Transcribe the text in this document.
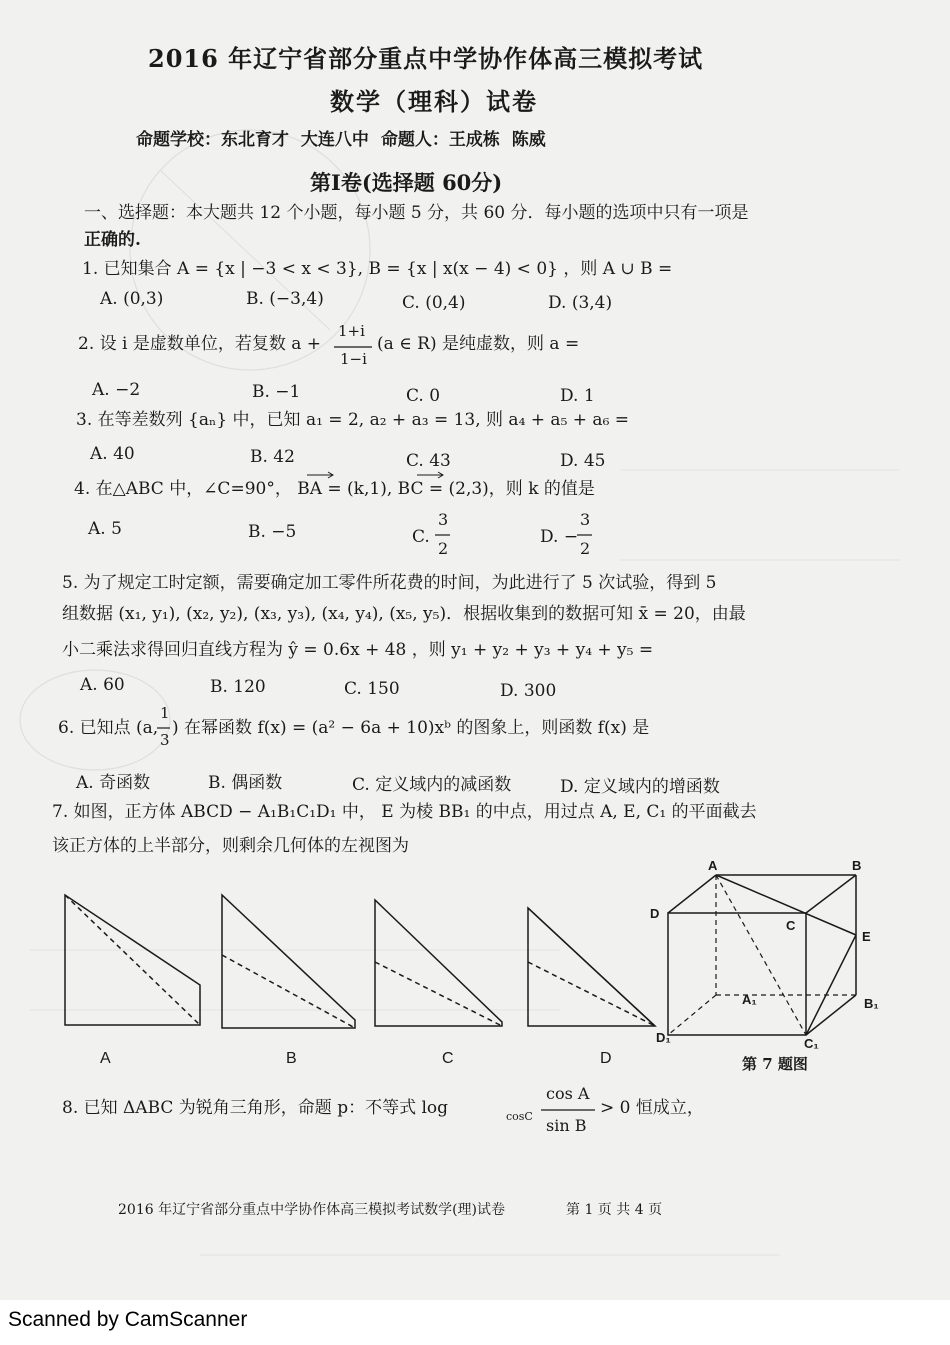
2016 年辽宁省部分重点中学协作体高三模拟考试
数学（理科）试卷
命题学校：东北育才 大连八中 命题人：王成栋 陈威
第Ⅰ卷(选择题 60分)
一、选择题：本大题共 12 个小题，每小题 5 分，共 60 分．每小题的选项中只有一项是
正确的.
1. 已知集合 A = {x | −3 < x < 3}, B = {x | x(x − 4) < 0} ，则 A ∪ B =
A. (0,3)	B. (−3,4)	C. (0,4)	D. (3,4)
2. 设 i 是虚数单位，若复数 a +
1+i
1−i
(a ∈ R) 是纯虚数，则 a =
A. −2	B. −1	C. 0	D. 1
3. 在等差数列 {aₙ} 中，已知 a₁ = 2, a₂ + a₃ = 13, 则 a₄ + a₅ + a₆ =
A. 40	B. 42	C. 43	D. 45
4. 在△ABC 中，∠C=90°， BA = (k,1), BC = (2,3)，则 k 的值是
A. 5	B. −5	C.
3
2
D. −
3
2
5. 为了规定工时定额，需要确定加工零件所花费的时间，为此进行了 5 次试验，得到 5
组数据 (x₁, y₁), (x₂, y₂), (x₃, y₃), (x₄, y₄), (x₅, y₅)．根据收集到的数据可知 x̄ = 20，由最
小二乘法求得回归直线方程为 ŷ = 0.6x + 48 ，则 y₁ + y₂ + y₃ + y₄ + y₅ =
A. 60	B. 120	C. 150	D. 300
6. 已知点 (a,
1
3
) 在幂函数 f(x) = (a² − 6a + 10)xᵇ 的图象上，则函数 f(x) 是
A. 奇函数	B. 偶函数	C. 定义域内的减函数	D. 定义域内的增函数
7. 如图，正方体 ABCD − A₁B₁C₁D₁ 中， E 为棱 BB₁ 的中点，用过点 A, E, C₁ 的平面截去
该正方体的上半部分，则剩余几何体的左视图为
A	B	C	D
A	B
D
C
E
A₁	B₁
D₁	C₁
第 7 题图
8. 已知 ΔABC 为锐角三角形，命题 p：不等式 log	cosC
cos A
sin B
> 0 恒成立，
2016 年辽宁省部分重点中学协作体高三模拟考试数学(理)试卷	第 1 页 共 4 页
Scanned by CamScanner
